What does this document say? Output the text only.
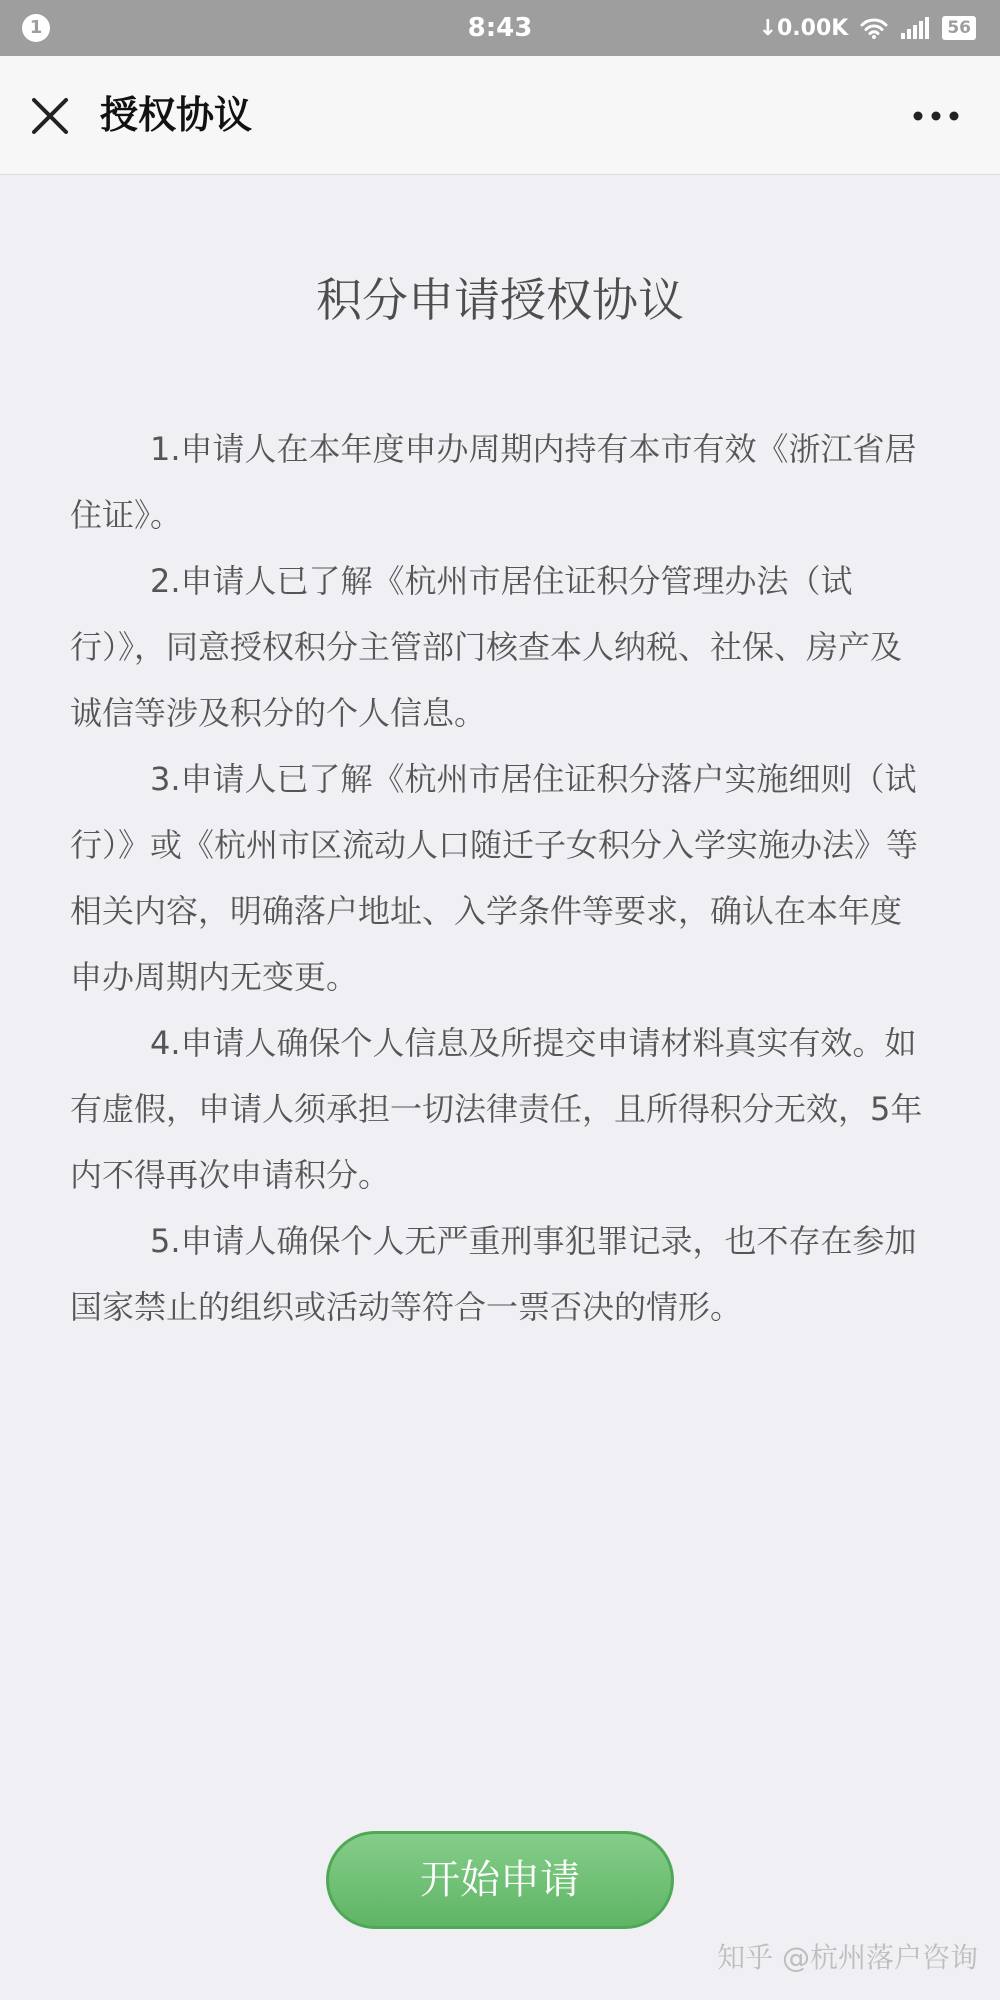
1	8:43	↓0.00K	56
授权协议
积分申请授权协议

1.申请人在本年度申办周期内持有本市有效《浙江省居住证》。

2.申请人已了解《杭州市居住证积分管理办法（试行）》，同意授权积分主管部门核查本人纳税、社保、房产及诚信等涉及积分的个人信息。

3.申请人已了解《杭州市居住证积分落户实施细则（试行）》或《杭州市区流动人口随迁子女积分入学实施办法》等相关内容，明确落户地址、入学条件等要求，确认在本年度申办周期内无变更。

4.申请人确保个人信息及所提交申请材料真实有效。如有虚假，申请人须承担一切法律责任，且所得积分无效，5年内不得再次申请积分。

5.申请人确保个人无严重刑事犯罪记录，也不存在参加国家禁止的组织或活动等符合一票否决的情形。

开始申请
知乎 @杭州落户咨询
